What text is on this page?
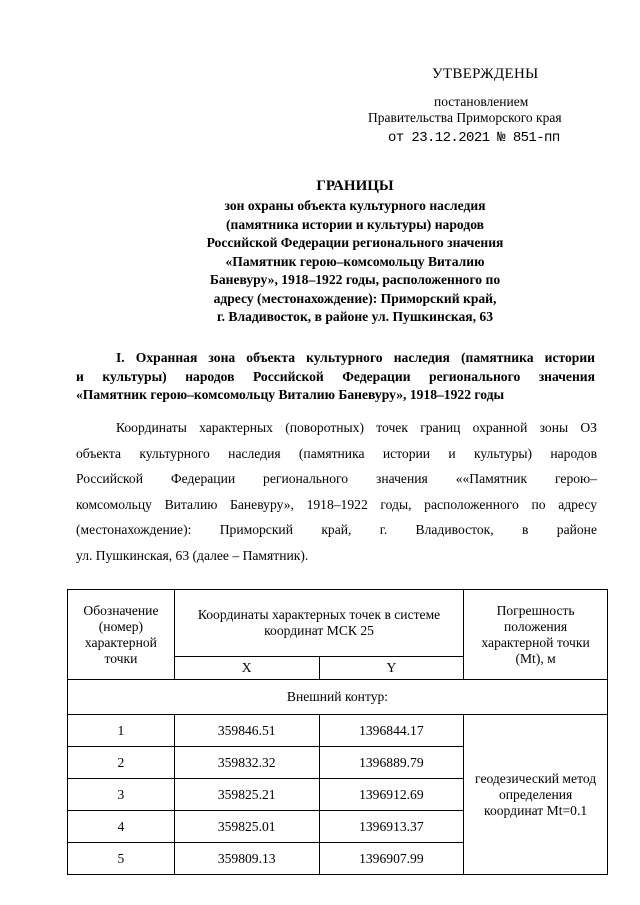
УТВЕРЖДЕНЫ
постановлением
Правительства Приморского края
от 23.12.2021 № 851-пп
ГРАНИЦЫ
зон охраны объекта культурного наследия
(памятника истории и культуры) народов
Российской Федерации регионального значения
«Памятник герою–комсомольцу Виталию
Баневуру», 1918–1922 годы, расположенного по
адресу (местонахождение): Приморский край,
г. Владивосток, в районе ул. Пушкинская, 63
I. Охранная зона объекта культурного наследия (памятника истории
и культуры) народов Российской Федерации регионального значения
«Памятник герою–комсомольцу Виталию Баневуру», 1918–1922 годы
Координаты характерных (поворотных) точек границ охранной зоны ОЗ
объекта культурного наследия (памятника истории и культуры) народов
Российской Федерации регионального значения ««Памятник герою–
комсомольцу Виталию Баневуру», 1918–1922 годы, расположенного по адресу
(местонахождение): Приморский край, г. Владивосток, в районе
ул. Пушкинская, 63 (далее – Памятник).
Обозначение (номер) характерной точки	Координаты характерных точек в системе координат МСК 25		Погрешность положения характерной точки (Mt), м
	X	Y	
Внешний контур:			
1	359846.51	1396844.17	геодезический метод определения координат Mt=0.1
2	359832.32	1396889.79	
3	359825.21	1396912.69	
4	359825.01	1396913.37	
5	359809.13	1396907.99	
